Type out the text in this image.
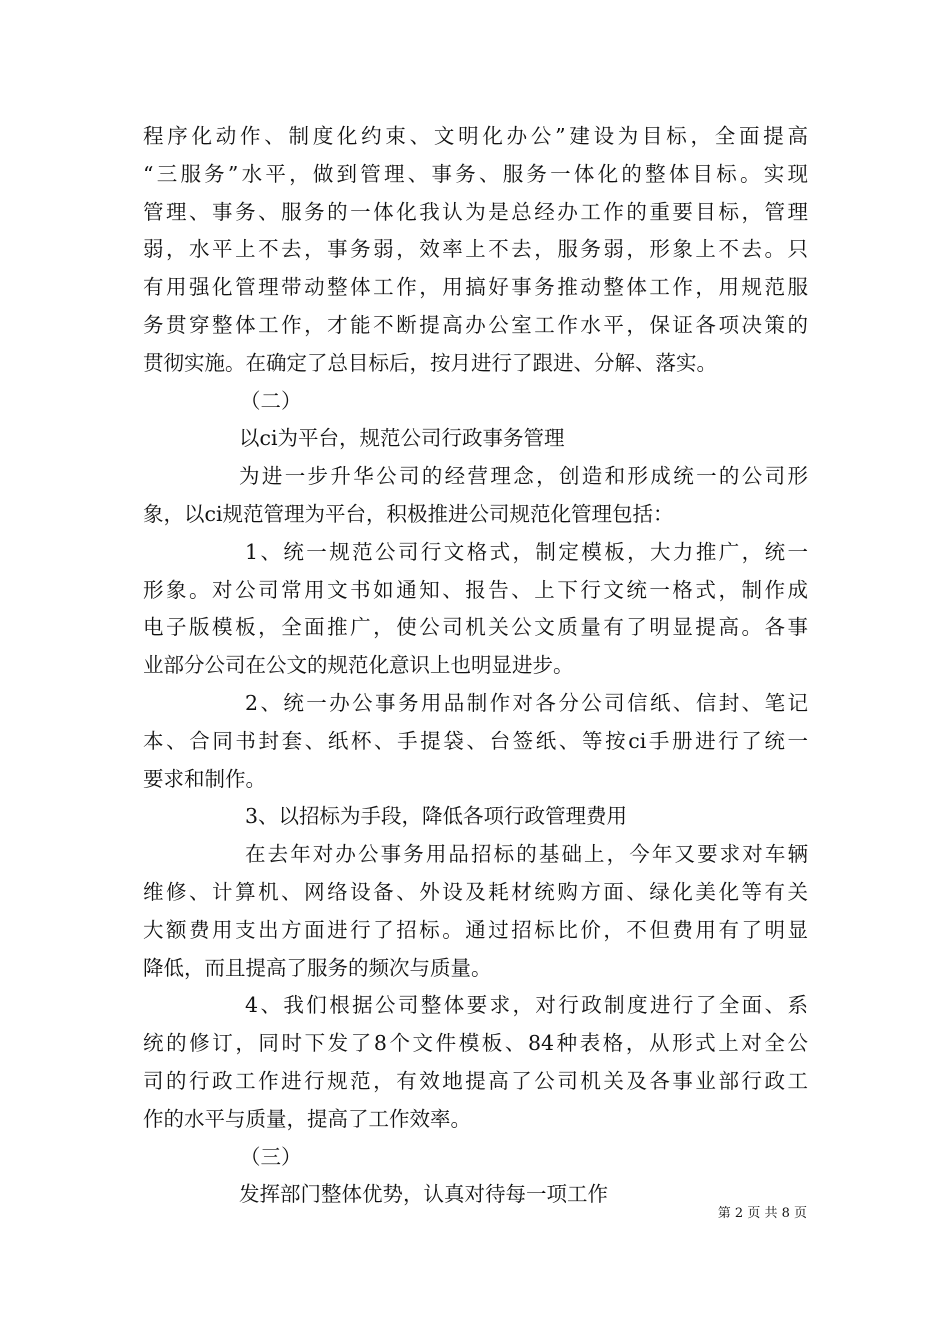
程序化动作、制度化约束、文明化办公”建设为目标，全面提高
“三服务”水平，做到管理、事务、服务一体化的整体目标。实现
管理、事务、服务的一体化我认为是总经办工作的重要目标，管理
弱，水平上不去，事务弱，效率上不去，服务弱，形象上不去。只
有用强化管理带动整体工作，用搞好事务推动整体工作，用规范服
务贯穿整体工作，才能不断提高办公室工作水平，保证各项决策的
贯彻实施。在确定了总目标后，按月进行了跟进、分解、落实。
（二）
以ci为平台，规范公司行政事务管理
为进一步升华公司的经营理念，创造和形成统一的公司形
象，以ci规范管理为平台，积极推进公司规范化管理包括：
1、统一规范公司行文格式，制定模板，大力推广，统一
形象。对公司常用文书如通知、报告、上下行文统一格式，制作成
电子版模板，全面推广，使公司机关公文质量有了明显提高。各事
业部分公司在公文的规范化意识上也明显进步。
2、统一办公事务用品制作对各分公司信纸、信封、笔记
本、合同书封套、纸杯、手提袋、台签纸、等按ci手册进行了统一
要求和制作。
3、以招标为手段，降低各项行政管理费用
在去年对办公事务用品招标的基础上，今年又要求对车辆
维修、计算机、网络设备、外设及耗材统购方面、绿化美化等有关
大额费用支出方面进行了招标。通过招标比价，不但费用有了明显
降低，而且提高了服务的频次与质量。
4、我们根据公司整体要求，对行政制度进行了全面、系
统的修订，同时下发了8个文件模板、84种表格，从形式上对全公
司的行政工作进行规范，有效地提高了公司机关及各事业部行政工
作的水平与质量，提高了工作效率。
（三）
发挥部门整体优势，认真对待每一项工作
第 2 页 共 8 页
